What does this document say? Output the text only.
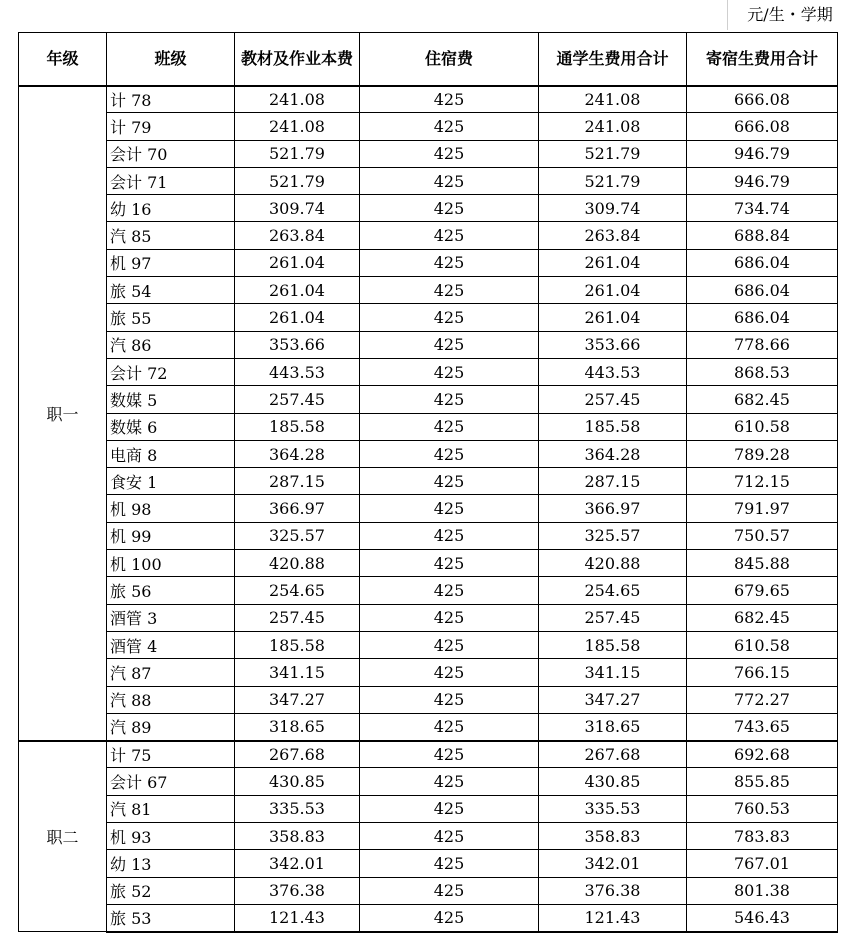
元/生・学期
年级	班级	教材及作业本费	住宿费	通学生费用合计	寄宿生费用合计
职一	计 78	241.08	425	241.08	666.08
	计 79	241.08	425	241.08	666.08
	会计 70	521.79	425	521.79	946.79
	会计 71	521.79	425	521.79	946.79
	幼 16	309.74	425	309.74	734.74
	汽 85	263.84	425	263.84	688.84
	机 97	261.04	425	261.04	686.04
	旅 54	261.04	425	261.04	686.04
	旅 55	261.04	425	261.04	686.04
	汽 86	353.66	425	353.66	778.66
	会计 72	443.53	425	443.53	868.53
	数媒 5	257.45	425	257.45	682.45
	数媒 6	185.58	425	185.58	610.58
	电商 8	364.28	425	364.28	789.28
	食安 1	287.15	425	287.15	712.15
	机 98	366.97	425	366.97	791.97
	机 99	325.57	425	325.57	750.57
	机 100	420.88	425	420.88	845.88
	旅 56	254.65	425	254.65	679.65
	酒管 3	257.45	425	257.45	682.45
	酒管 4	185.58	425	185.58	610.58
	汽 87	341.15	425	341.15	766.15
	汽 88	347.27	425	347.27	772.27
	汽 89	318.65	425	318.65	743.65
职二	计 75	267.68	425	267.68	692.68
	会计 67	430.85	425	430.85	855.85
	汽 81	335.53	425	335.53	760.53
	机 93	358.83	425	358.83	783.83
	幼 13	342.01	425	342.01	767.01
	旅 52	376.38	425	376.38	801.38
	旅 53	121.43	425	121.43	546.43
